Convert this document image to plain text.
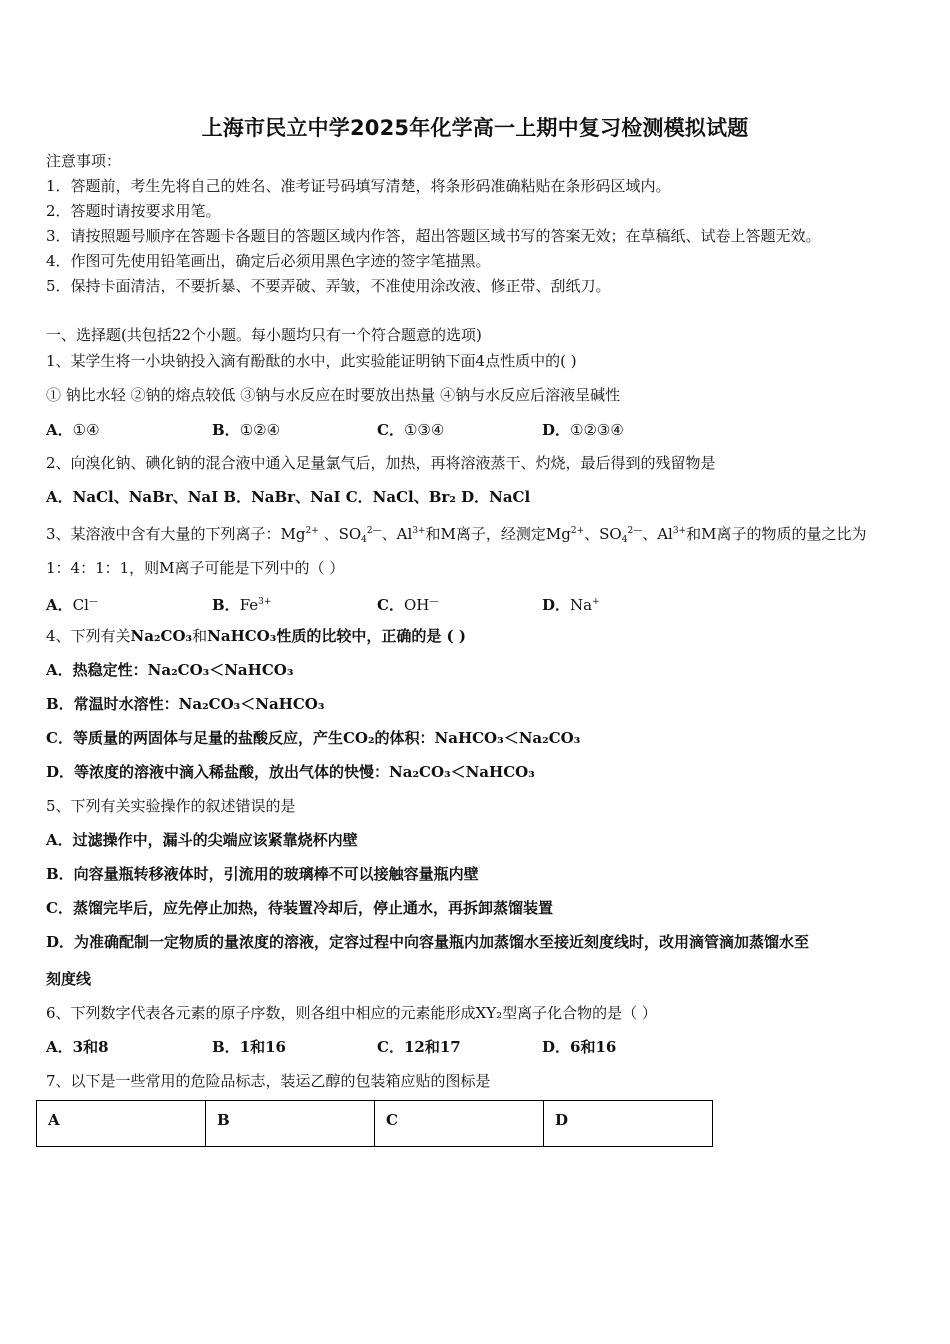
上海市民立中学2025年化学高一上期中复习检测模拟试题
注意事项：
1．答题前，考生先将自己的姓名、准考证号码填写清楚，将条形码准确粘贴在条形码区域内。
2．答题时请按要求用笔。
3．请按照题号顺序在答题卡各题目的答题区域内作答，超出答题区域书写的答案无效；在草稿纸、试卷上答题无效。
4．作图可先使用铅笔画出，确定后必须用黑色字迹的签字笔描黑。
5．保持卡面清洁，不要折暴、不要弄破、弄皱，不准使用涂改液、修正带、刮纸刀。
一、选择题(共包括22个小题。每小题均只有一个符合题意的选项)
1、某学生将一小块钠投入滴有酚酞的水中，此实验能证明钠下面4点性质中的( )
① 钠比水轻 ②钠的熔点较低 ③钠与水反应在时要放出热量 ④钠与水反应后溶液呈碱性
A．①④	B．①②④	C．①③④	D．①②③④
2、向溴化钠、碘化钠的混合液中通入足量氯气后，加热，再将溶液蒸干、灼烧，最后得到的残留物是
A．NaCl、NaBr、NaI B．NaBr、NaI C．NaCl、Br₂ D．NaCl
3、某溶液中含有大量的下列离子：$Mg^{2+}$ 、$SO_4^{2—}$、$Al^{3+}$和M离子，经测定$Mg^{2+}$、$SO_4^{2—}$、$Al^{3+}$和M离子的物质的量之比为
1：4：1：1，则M离子可能是下列中的（ ）
A．Cl—	B．$Fe^{3+}$	C．OH—	D．Na+
4、下列有关Na₂CO₃和NaHCO₃性质的比较中，正确的是 ( )
A．热稳定性：Na₂CO₃＜NaHCO₃
B．常温时水溶性：Na₂CO₃＜NaHCO₃
C．等质量的两固体与足量的盐酸反应，产生CO₂的体积：NaHCO₃＜Na₂CO₃
D．等浓度的溶液中滴入稀盐酸，放出气体的快慢：Na₂CO₃＜NaHCO₃
5、下列有关实验操作的叙述错误的是
A．过滤操作中，漏斗的尖端应该紧靠烧杯内壁
B．向容量瓶转移液体时，引流用的玻璃棒不可以接触容量瓶内壁
C．蒸馏完毕后，应先停止加热，待装置冷却后，停止通水，再拆卸蒸馏装置
D．为准确配制一定物质的量浓度的溶液，定容过程中向容量瓶内加蒸馏水至接近刻度线时，改用滴管滴加蒸馏水至
刻度线
6、下列数字代表各元素的原子序数，则各组中相应的元素能形成XY₂型离子化合物的是（ ）
A．3和8	B．1和16	C．12和17	D．6和16
7、以下是一些常用的危险品标志，装运乙醇的包装箱应贴的图标是
A	B	C	D
